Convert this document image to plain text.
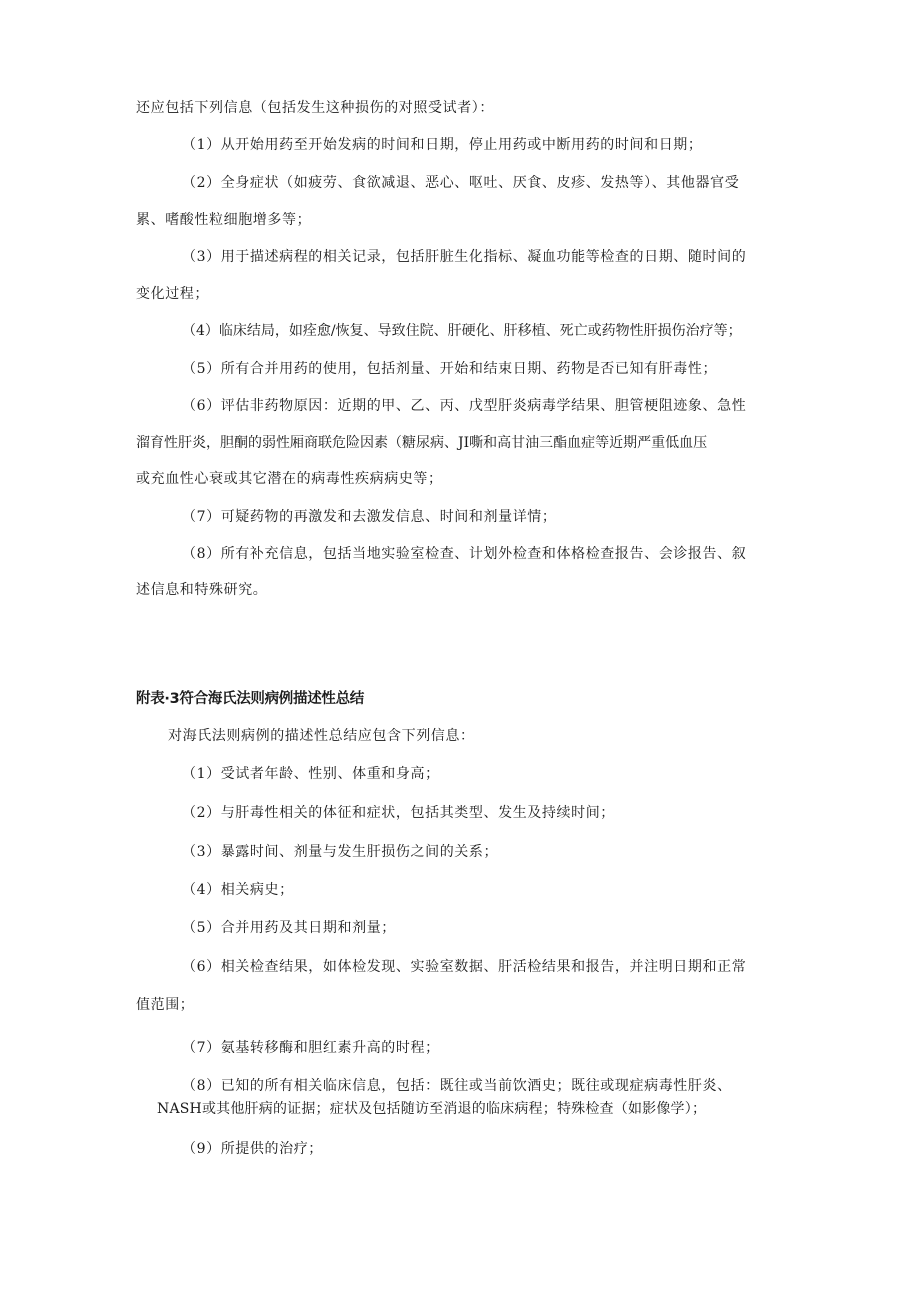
还应包括下列信息（包括发生这种损伤的对照受试者）：
（1）从开始用药至开始发病的时间和日期，停止用药或中断用药的时间和日期；
（2）全身症状（如疲劳、食欲减退、恶心、呕吐、厌食、皮疹、发热等）、其他器官受
累、嗜酸性粒细胞增多等；
（3）用于描述病程的相关记录，包括肝脏生化指标、凝血功能等检查的日期、随时间的
变化过程；
（4）临床结局，如痊愈/恢复、导致住院、肝硬化、肝移植、死亡或药物性肝损伤治疗等；
（5）所有合并用药的使用，包括剂量、开始和结束日期、药物是否已知有肝毒性；
（6）评估非药物原因：近期的甲、乙、丙、戊型肝炎病毒学结果、胆管梗阻迹象、急性
溜育性肝炎，胆酮的弱性厢商联危险因素（糖尿病、JI嘶和高甘油三酯血症等近期严重低血压
或充血性心衰或其它潜在的病毒性疾病病史等；
（7）可疑药物的再激发和去激发信息、时间和剂量详情；
（8）所有补充信息，包括当地实验室检查、计划外检查和体格检查报告、会诊报告、叙
述信息和特殊研究。
附表·3符合海氏法则病例描述性总结
对海氏法则病例的描述性总结应包含下列信息：
（1）受试者年龄、性别、体重和身高；
（2）与肝毒性相关的体征和症状，包括其类型、发生及持续时间；
（3）暴露时间、剂量与发生肝损伤之间的关系；
（4）相关病史；
（5）合并用药及其日期和剂量；
（6）相关检查结果，如体检发现、实验室数据、肝活检结果和报告，并注明日期和正常
值范围；
（7）氨基转移酶和胆红素升高的时程；
（8）已知的所有相关临床信息，包括：既往或当前饮酒史；既往或现症病毒性肝炎、
NASH或其他肝病的证据；症状及包括随访至消退的临床病程；特殊检查（如影像学）；
（9）所提供的治疗；
